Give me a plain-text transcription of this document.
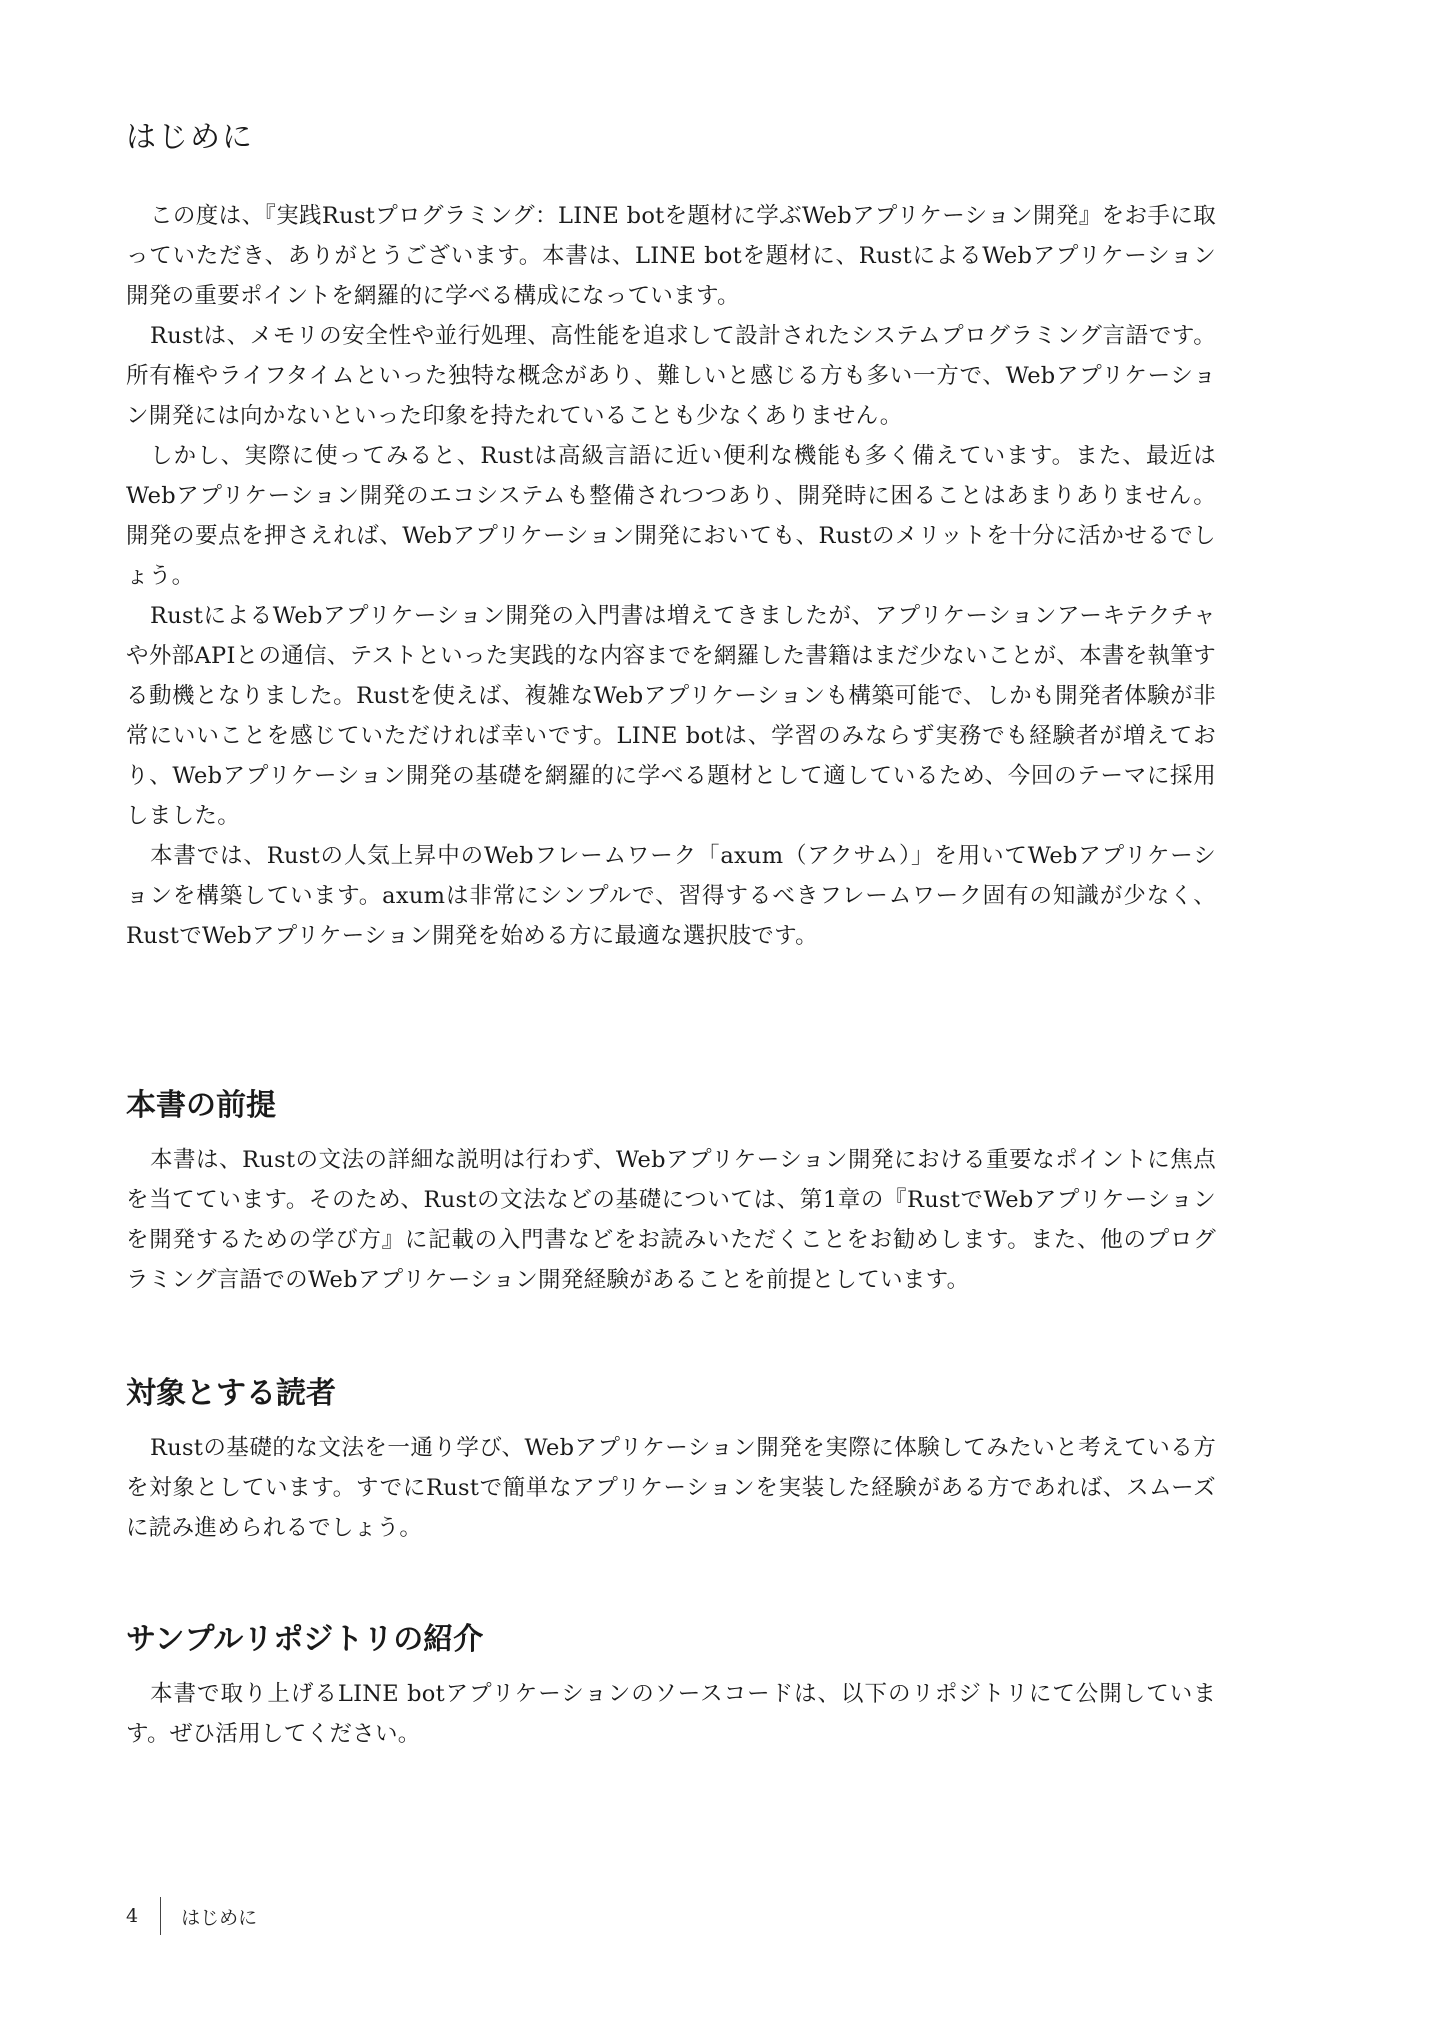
はじめに

この度は、『実践Rustプログラミング：LINE botを題材に学ぶWebアプリケーション開発』をお手に取っていただき、ありがとうございます。本書は、LINE botを題材に、RustによるWebアプリケーション開発の重要ポイントを網羅的に学べる構成になっています。

Rustは、メモリの安全性や並行処理、高性能を追求して設計されたシステムプログラミング言語です。所有権やライフタイムといった独特な概念があり、難しいと感じる方も多い一方で、Webアプリケーション開発には向かないといった印象を持たれていることも少なくありません。

しかし、実際に使ってみると、Rustは高級言語に近い便利な機能も多く備えています。また、最近はWebアプリケーション開発のエコシステムも整備されつつあり、開発時に困ることはあまりありません。開発の要点を押さえれば、Webアプリケーション開発においても、Rustのメリットを十分に活かせるでしょう。

RustによるWebアプリケーション開発の入門書は増えてきましたが、アプリケーションアーキテクチャや外部APIとの通信、テストといった実践的な内容までを網羅した書籍はまだ少ないことが、本書を執筆する動機となりました。Rustを使えば、複雑なWebアプリケーションも構築可能で、しかも開発者体験が非常にいいことを感じていただければ幸いです。LINE botは、学習のみならず実務でも経験者が増えており、Webアプリケーション開発の基礎を網羅的に学べる題材として適しているため、今回のテーマに採用しました。

本書では、Rustの人気上昇中のWebフレームワーク「axum（アクサム）」を用いてWebアプリケーションを構築しています。axumは非常にシンプルで、習得するべきフレームワーク固有の知識が少なく、RustでWebアプリケーション開発を始める方に最適な選択肢です。

本書の前提

本書は、Rustの文法の詳細な説明は行わず、Webアプリケーション開発における重要なポイントに焦点を当てています。そのため、Rustの文法などの基礎については、第1章の『RustでWebアプリケーションを開発するための学び方』に記載の入門書などをお読みいただくことをお勧めします。また、他のプログラミング言語でのWebアプリケーション開発経験があることを前提としています。

対象とする読者

Rustの基礎的な文法を一通り学び、Webアプリケーション開発を実際に体験してみたいと考えている方を対象としています。すでにRustで簡単なアプリケーションを実装した経験がある方であれば、スムーズに読み進められるでしょう。

サンプルリポジトリの紹介

本書で取り上げるLINE botアプリケーションのソースコードは、以下のリポジトリにて公開しています。ぜひ活用してください。

4 はじめに
